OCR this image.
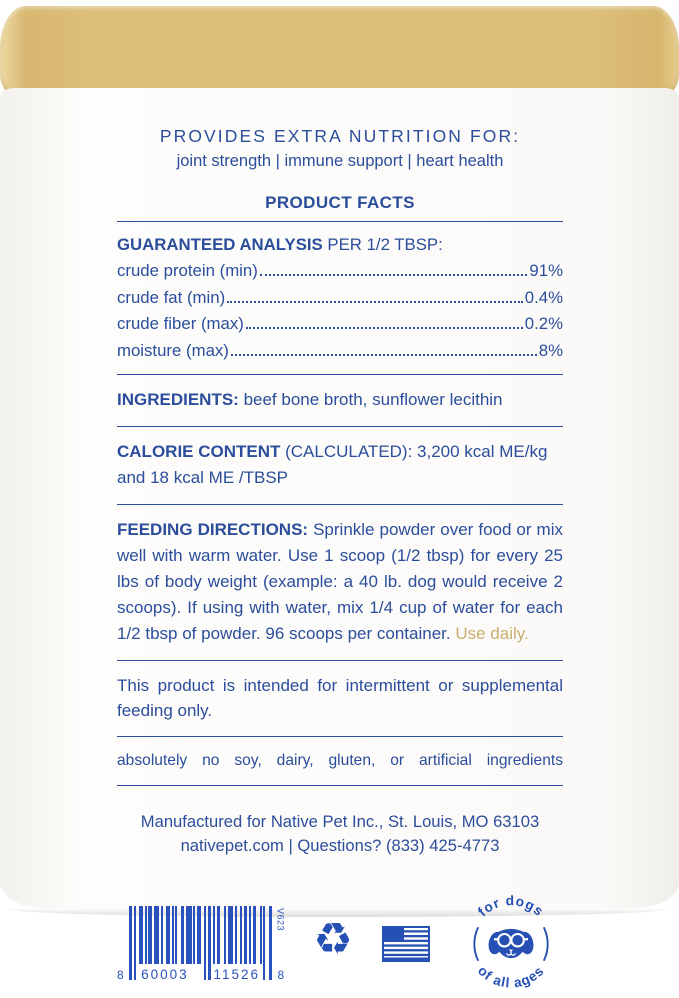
PROVIDES EXTRA NUTRITION FOR:
joint strength | immune support | heart health
PRODUCT FACTS
GUARANTEED ANALYSIS PER 1/2 TBSP:
crude protein (min)	91%
crude fat (min)	0.4%
crude fiber (max)	0.2%
moisture (max)	8%
INGREDIENTS: beef bone broth, sunflower lecithin
CALORIE CONTENT (CALCULATED): 3,200 kcal ME/kg and 18 kcal ME /TBSP
FEEDING DIRECTIONS: Sprinkle powder over food or mix well with warm water. Use 1 scoop (1/2 tbsp) for every 25 lbs of body weight (example: a 40 lb. dog would receive 2 scoops). If using with water, mix 1/4 cup of water for each 1/2 tbsp of powder. 96 scoops per container. Use daily.
This product is intended for intermittent or supplemental feeding only.
absolutely no soy, dairy, gluten, or artificial ingredients
Manufactured for Native Pet Inc., St. Louis, MO 63103
nativepet.com | Questions? (833) 425-4773
8 60003 11526
V623
8
♻
for dogs
of all ages
